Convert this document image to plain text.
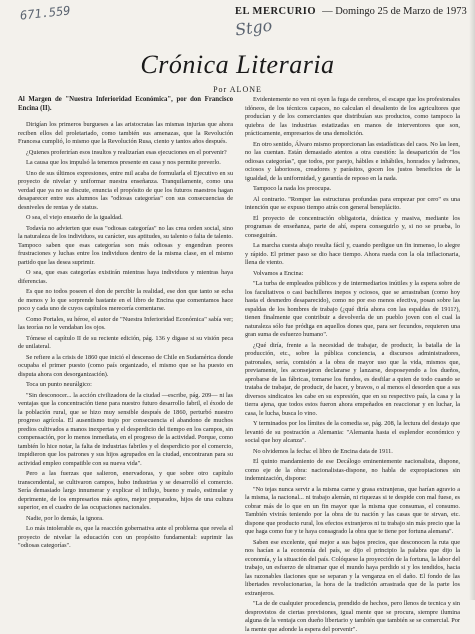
671.559
Stgo
EL MERCURIO — Domingo 25 de Marzo de 1973
Crónica Literaria
Por ALONE
Al Margen de "Nuestra Inferioridad Económica", por don Francisco Encina (II).

Dirigían los primeros burgueses a las aristocratas las mismas injurias que ahora reciben ellos del proletariado, como también sus amenazas, que la Revolución Francesa cumplió, lo mismo que la Revolución Rusa, ciento y tantos años después.

¿Quienes proferirían esos insultos y realizarían esas ejecuciones en el porvenir?

La causa que los impulsó la tenemos presente en casa y nos permite preverlo.

Uno de sus últimos expresiones, entre mil acaba de formularla el Ejecutivo en su proyecto de nivelar y uniformar nuestra enseñanza. Tranquilamente, como una verdad que ya no se discute, enuncia el propósito de que los futuros maestros hagan desaparecer entre sus alumnos las "odiosas categorías" con sus consecuencias de desniveles de rentas y de status.

O sea, el viejo ensueño de la igualdad.

Todavía no advierten que esas "odiosas categorías" no las crea orden social, sino la naturaleza de los individuos, su carácter, sus aptitudes, su talento o falta de talento. Tampoco saben que esas categorías son más odiosas y engendran peores frustraciones y luchas entre los individuos dentro de la misma clase, en el mismo partido que las desea suprimir.

O sea, que esas categorías existirán mientras haya individuos y mientras haya diferencias.

Es que no todos poseen el don de percibir la realidad, ese don que tanto se echa de menos y lo que sorprende bastante en el libro de Encina que comentamos hace poco y cada uno de cuyos capítulos merecería comentarse.

Como Portales, su héroe, el autor de "Nuestra Inferioridad Económica" sabía ver; las teorías no le vendaban los ojos.

Tómese el capítulo II de su reciente edición, pág. 136 y digase si su visión peca de unilateral.

Se refiere a la crisis de 1860 que inició el descenso de Chile en Sudamérica donde ocupaba el primer puesto (como país organizado, el mismo que se ha puesto en disputa ahora con desorganización).

Toca un punto neurálgico:

"Sin desconocer... la acción civilizadora de la ciudad —escribe, pág. 209— ni las ventajas que la concentración tiene para nuestro futuro desarrollo fabril, el éxodo de la población rural, que se hizo muy sensible después de 1860, perturbó nuestro progreso agrícola. El ausentismo trajo por consecuencia el abandono de muchos predios cultivados a manos inexpertas y el desperdicio del tiempo en los campos, sin compensación, por lo menos inmediata, en el progreso de la actividad. Porque, como también lo hice notar, la falta de industrias fabriles y el desperdicio por el comercio, impidieron que los patrones y sus hijos agrupados en la ciudad, encontraran para su actividad empleo compatible con su nueva vida".

Pero a las fuerzas que salieron, enervadoras, y que sobre otro capítulo transcendental, se cultivaron campos, hubo industrias y se desarrolló el comercio. Sería demasiado largo innumerar y explicar el influjo, bueno y malo, estimular y deprimente, de los empresarios más aptos, mejor preparados, hijos de una cultura superior, en el cuadro de las ocupaciones nacionales.

Nadie, por lo demás, la ignora.

Lo más intolerable es, que la reacción gobernativa ante el problema que revela el proyecto de nivelar la educación con un propósito fundamental: suprimir las "odiosas categorías".

Evidentemente no ven ni oyen la fuga de cerebros, el escape que los profesionales idóneos, de los técnicos capaces, no calculan el desaliento de los agricultores que producían y de los comerciantes que distribuían sus productos, como tampoco la quiebra de las industrias estatizadas en manos de interventores que son, prácticamente, empresarios de una demolición.

En otro sentido, Álvaro mismo proporcionan las estadísticas del caos. No las leen, no las cuentan. Están demasiado atentos a otra cuestión: la desaparición de "los odiosas categorías", que todos, por parejo, hábiles e inhábiles, honrados y ladrones, ociosos y laboriosos, creadores y parásitos, gocen los justos beneficios de la igualdad, de la uniformidad, y garantía de reposo en la nada.

Tampoco la nada los preocupa.

Al contrario. "Romper las estructuras profundas para empezar por cero" es una intención que se expuso tiempo atrás con general beneplácito.

El proyecto de concentración obligatoria, drástica y masiva, mediante los programas de enseñanza, parte de ahí, espera conseguirlo y, si no se prueba, lo conseguirán.

La marcha cuesta abajo resulta fácil y, cuando perdigue un fin inmenso, lo alegre y rápido. El primer paso se dio hace tiempo. Ahora rueda con la ola inflacionaria, llena de viento.

Volvamos a Encina:

"La turba de empleados públicos y de intermediarios inútiles y la espera sobre de los facultativos o casi bachilleres inepos y ociosos, que se arrastraban (como hoy hasta el desmedro desaparecido), como no por eso menos efectiva, posan sobre las espaldas de los hombres de trabajo (¿qué diría ahora con las espaldas de 1911?), tienen finalmente que contribuir a devolverla de un pueblo joven con el cual la naturaleza sólo fue pródiga en aquellos dones que, para ser fecundos, requieren una gran suma de esfuerzo humano".

¿Qué diría, frente a la necesidad de trabajar, de producir, la batalla de la producción, etc., sobre la pública conciencia, a discursos administradores, patronales, sería, comisión a la obra de mayor uso que la vida, mismos que, previamente, les aconsejaron declararse y lanzarse, desposeyendo a los dueños, aprobarse de las fábricas, tomarse los fundos, es desfilar a quien de todo cuando se trataba de trabajar, de producir, de hacer, y bravos, o al menos el desorden que a sus diversos sindicatos les cabe en su expresión, que en su respectivo país, la casa y la tierra ajena, que todos estos fueron ahora empeñados en reaccionar y en luchar, la casa, le lucha, busca lo vino.

Y terminados por los límites de la comedia se, pág. 208, la lectura del destajo que levantó de su postración a Alemania: "Alemania hasta el esplendor económico y social que hoy alcanza".

No olvidemos la fecha: el libro de Encina data de 1911.

El quinto mandamiento de ese Decálogo eminentemente nacionalista, dispone, como eje de la obra: nacionalistas-dispone, no habla de expropiaciones sin indemnización, dispone:

"No tejas nunca servir a la misma carne y grasa extranjeras, que harían agravio a la misma, la nacional... ni trabajo alemán, ni riquezas si te despide con mal fuese, es cobrar más de lo que en un fin mayor que la misma que consumas, el consumo. También vivirás teniendo por la obra de tu nación y las casas que te sirvan, etc. dispone que producto rural, los efectos extranjeros ni tu trabajo sin más precio que la que haga como fue y te haya consagrado la obra que te tiene por fortuna alemana".

Saben ese excelente, qué mejor a sus bajos precios, que desconocen la ruta que nos hacían a la economía del país, se dijo el principio la palabra que dijo la economía, y la situación del país. Colóquese la proyección de la fortuna, la labor del trabajo, un esfuerzo de ultramar que el mundo haya perdido si y los tendidos, hacia las razonables ilaciones que se separan y la venganza en el daño. El fondo de las libertades revolucionarias, la hora de la tradición arrastrada que de la parte los extranjeros.

"La de de cualquier procedencia, prendido de hechos, pero llenos de tecnica y sin desprovistos de ciertas previsiones, igual mente que se procura, siempre ilumina alguna de la ventaja con dueño libertario y también que también se se comercial. Por la mente que adonde la espera del porvenir".
